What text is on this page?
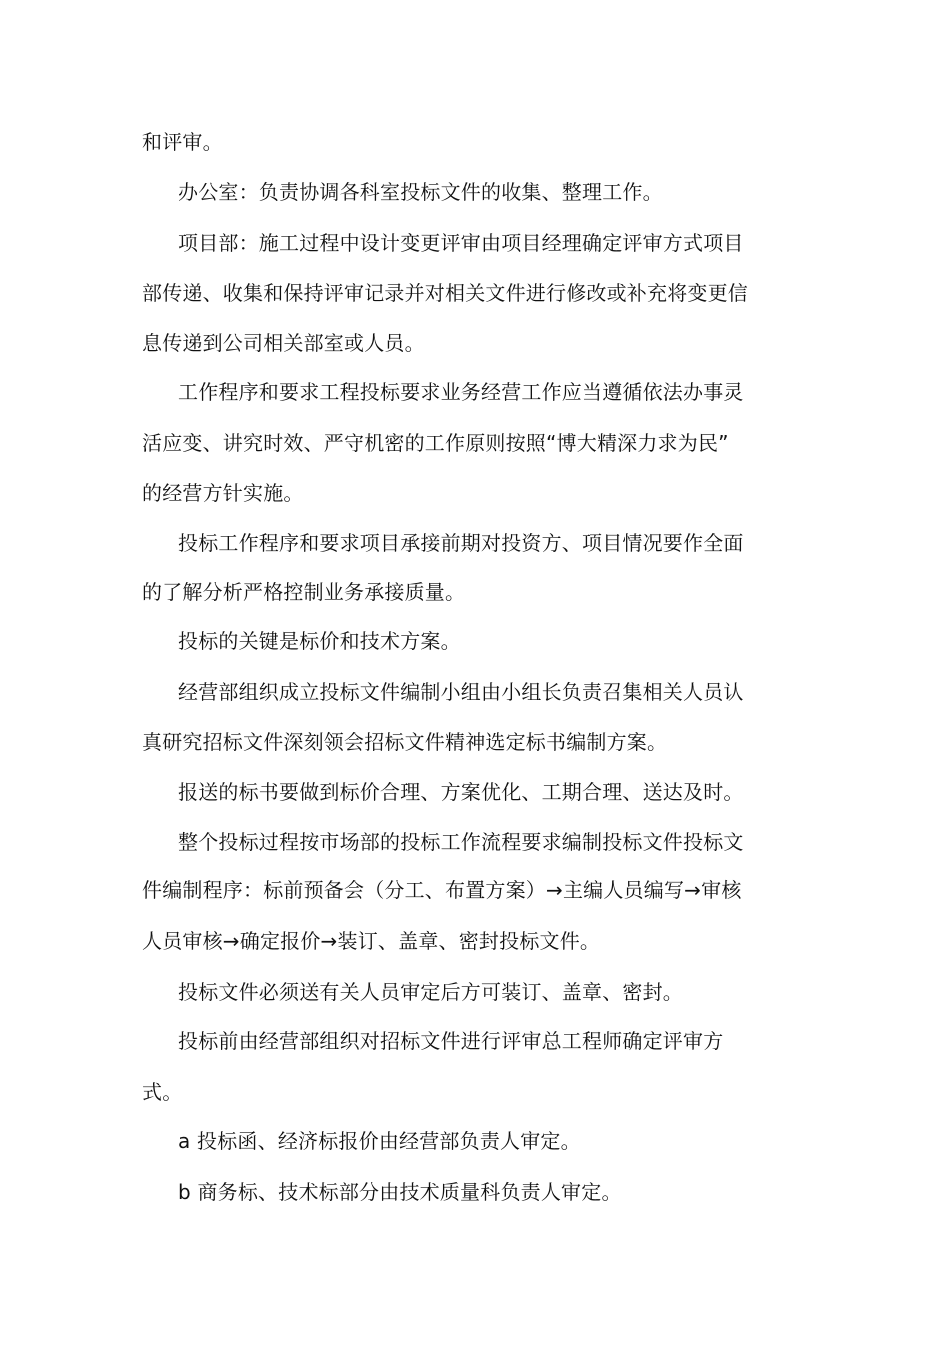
和评审。

办公室：负责协调各科室投标文件的收集、整理工作。

项目部：施工过程中设计变更评审由项目经理确定评审方式项目

部传递、收集和保持评审记录并对相关文件进行修改或补充将变更信

息传递到公司相关部室或人员。

工作程序和要求工程投标要求业务经营工作应当遵循依法办事灵

活应变、讲究时效、严守机密的工作原则按照“博大精深力求为民”

的经营方针实施。

投标工作程序和要求项目承接前期对投资方、项目情况要作全面

的了解分析严格控制业务承接质量。

投标的关键是标价和技术方案。

经营部组织成立投标文件编制小组由小组长负责召集相关人员认

真研究招标文件深刻领会招标文件精神选定标书编制方案。

报送的标书要做到标价合理、方案优化、工期合理、送达及时。

整个投标过程按市场部的投标工作流程要求编制投标文件投标文

件编制程序：标前预备会（分工、布置方案）→主编人员编写→审核

人员审核→确定报价→装订、盖章、密封投标文件。

投标文件必须送有关人员审定后方可装订、盖章、密封。

投标前由经营部组织对招标文件进行评审总工程师确定评审方

式。

a 投标函、经济标报价由经营部负责人审定。

b 商务标、技术标部分由技术质量科负责人审定。
